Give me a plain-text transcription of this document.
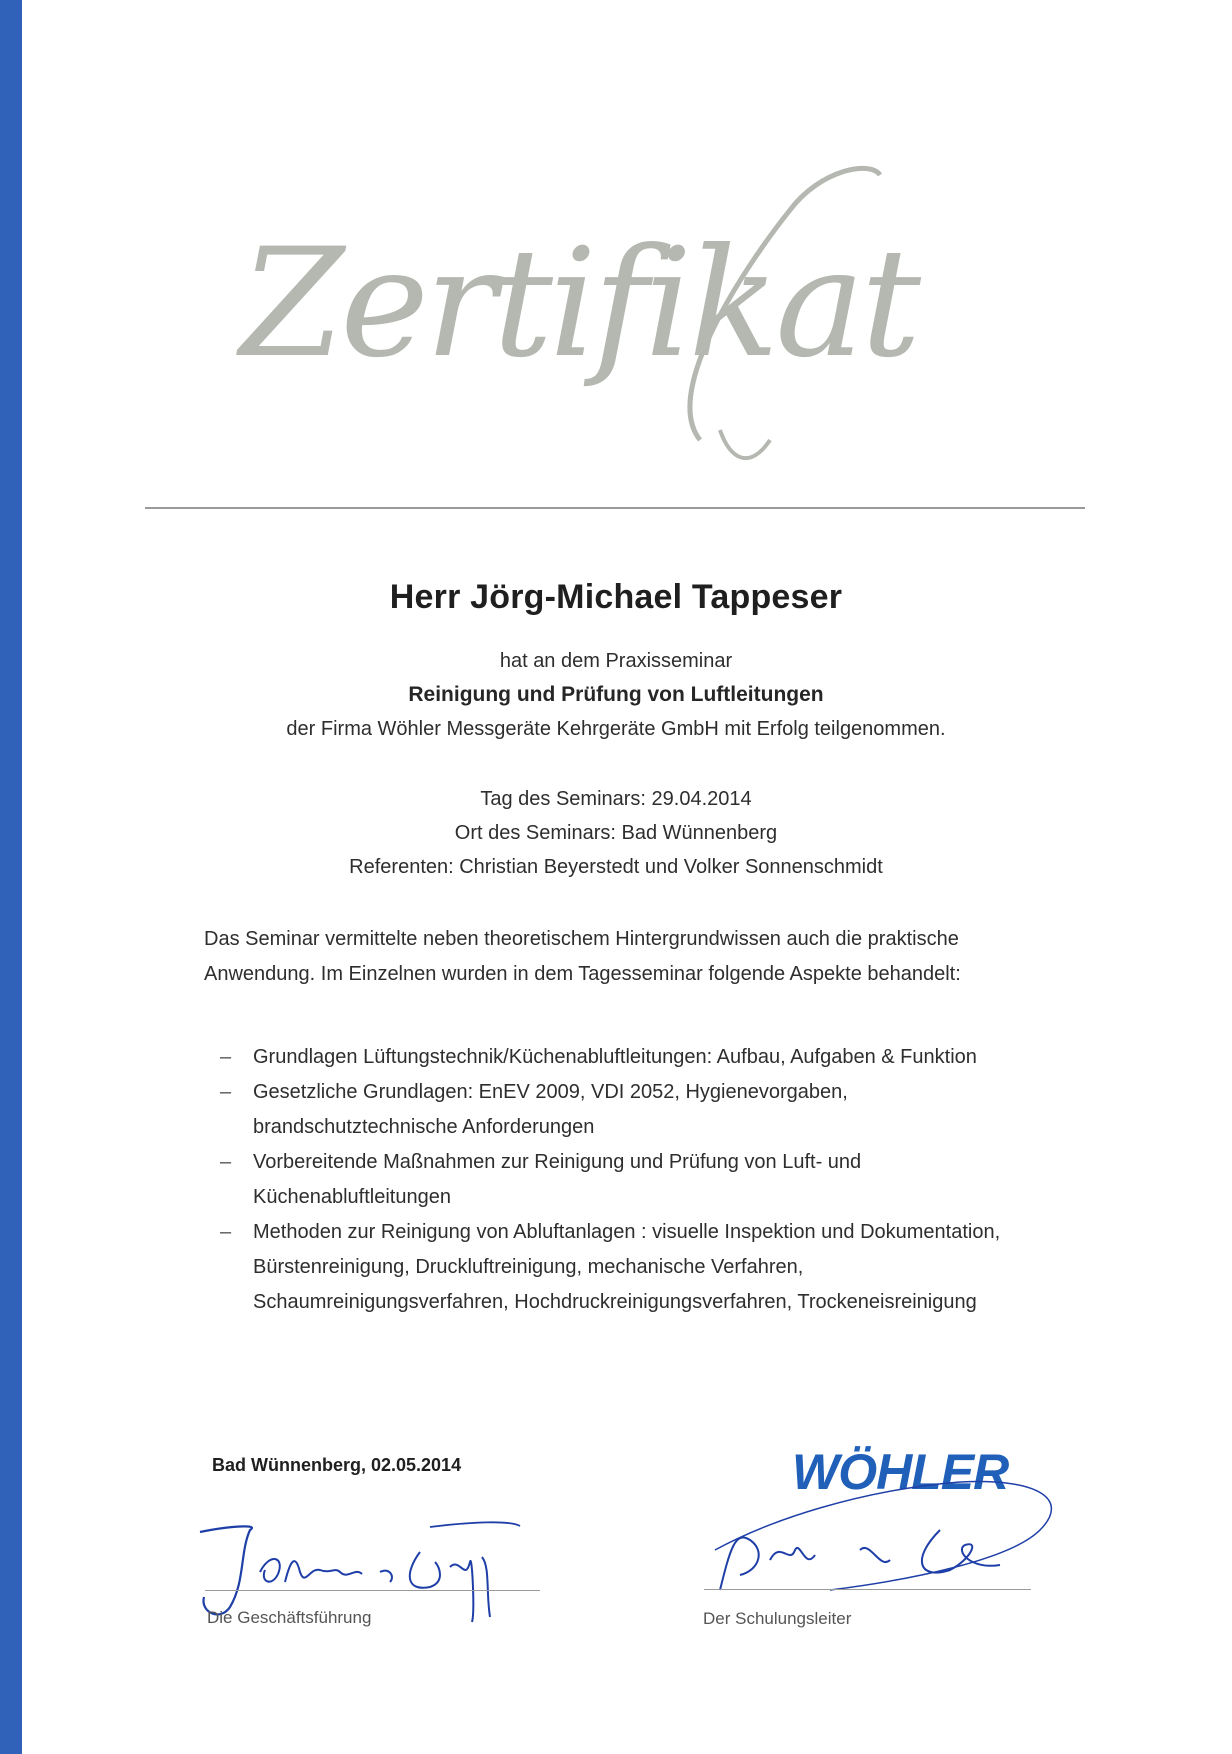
Zertifikat
Herr Jörg-Michael Tappeser
hat an dem Praxisseminar
Reinigung und Prüfung von Luftleitungen
der Firma Wöhler Messgeräte Kehrgeräte GmbH mit Erfolg teilgenommen.
Tag des Seminars: 29.04.2014
Ort des Seminars: Bad Wünnenberg
Referenten: Christian Beyerstedt und Volker Sonnenschmidt
Das Seminar vermittelte neben theoretischem Hintergrundwissen auch die praktische Anwendung. Im Einzelnen wurden in dem Tagesseminar folgende Aspekte behandelt:
– Grundlagen Lüftungstechnik/Küchenabluftleitungen: Aufbau, Aufgaben & Funktion
– Gesetzliche Grundlagen: EnEV 2009, VDI 2052, Hygienevorgaben, brandschutztechnische Anforderungen
– Vorbereitende Maßnahmen zur Reinigung und Prüfung von Luft- und Küchenabluftleitungen
– Methoden zur Reinigung von Abluftanlagen : visuelle Inspektion und Dokumentation, Bürstenreinigung, Druckluftreinigung, mechanische Verfahren, Schaumreinigungsverfahren, Hochdruckreinigungsverfahren, Trockeneisreinigung
Bad Wünnenberg, 02.05.2014	WÖHLER
Die Geschäftsführung	Der Schulungsleiter
